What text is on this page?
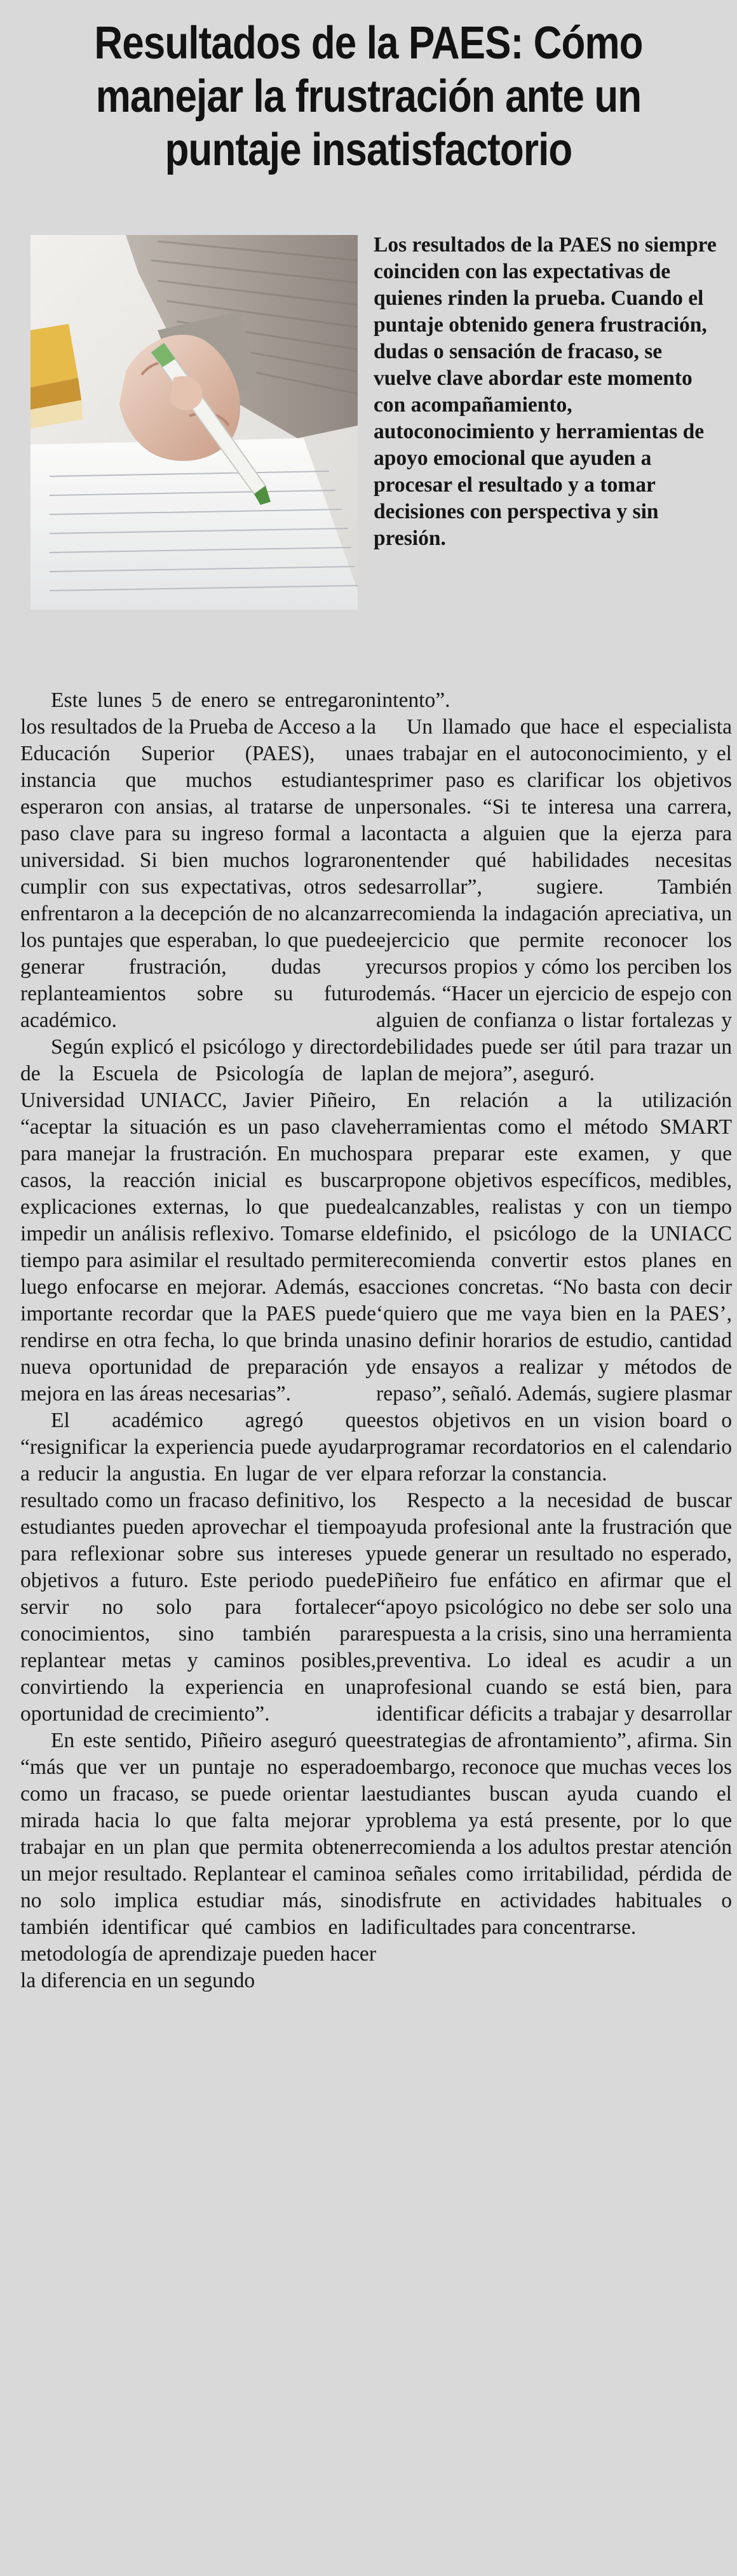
Resultados de la PAES: Cómo manejar la frustración ante un puntaje insatisfactorio

Los resultados de la PAES no siempre coinciden con las expectativas de quienes rinden la prueba. Cuando el puntaje obtenido genera frustración, dudas o sensación de fracaso, se vuelve clave abordar este momento con acompañamiento, autoconocimiento y herramientas de apoyo emocional que ayuden a procesar el resultado y a tomar decisiones con perspectiva y sin presión.

Este lunes 5 de enero se entregaron los resultados de la Prueba de Acceso a la Educación Superior (PAES), una instancia que muchos estudiantes esperaron con ansias, al tratarse de un paso clave para su ingreso formal a la universidad. Si bien muchos lograron cumplir con sus expectativas, otros se enfrentaron a la decepción de no alcanzar los puntajes que esperaban, lo que puede generar frustración, dudas y replanteamientos sobre su futuro académico.

Según explicó el psicólogo y director de la Escuela de Psicología de la Universidad UNIACC, Javier Piñeiro, “aceptar la situación es un paso clave para manejar la frustración. En muchos casos, la reacción inicial es buscar explicaciones externas, lo que puede impedir un análisis reflexivo. Tomarse el tiempo para asimilar el resultado permite luego enfocarse en mejorar. Además, es importante recordar que la PAES puede rendirse en otra fecha, lo que brinda una nueva oportunidad de preparación y mejora en las áreas necesarias”.

El académico agregó que “resignificar la experiencia puede ayudar a reducir la angustia. En lugar de ver el resultado como un fracaso definitivo, los estudiantes pueden aprovechar el tiempo para reflexionar sobre sus intereses y objetivos a futuro. Este periodo puede servir no solo para fortalecer conocimientos, sino también para replantear metas y caminos posibles, convirtiendo la experiencia en una oportunidad de crecimiento”.

En este sentido, Piñeiro aseguró que “más que ver un puntaje no esperado como un fracaso, se puede orientar la mirada hacia lo que falta mejorar y trabajar en un plan que permita obtener un mejor resultado. Replantear el camino no solo implica estudiar más, sino también identificar qué cambios en la metodología de aprendizaje pueden hacer la diferencia en un segundo

intento”.

Un llamado que hace el especialista es trabajar en el autoconocimiento, y el primer paso es clarificar los objetivos personales. “Si te interesa una carrera, contacta a alguien que la ejerza para entender qué habilidades necesitas desarrollar”, sugiere. También recomienda la indagación apreciativa, un ejercicio que permite reconocer los recursos propios y cómo los perciben los demás. “Hacer un ejercicio de espejo con alguien de confianza o listar fortalezas y debilidades puede ser útil para trazar un plan de mejora”, aseguró.

En relación a la utilización herramientas como el método SMART para preparar este examen, y que propone objetivos específicos, medibles, alcanzables, realistas y con un tiempo definido, el psicólogo de la UNIACC recomienda convertir estos planes en acciones concretas. “No basta con decir ‘quiero que me vaya bien en la PAES’, sino definir horarios de estudio, cantidad de ensayos a realizar y métodos de repaso”, señaló. Además, sugiere plasmar estos objetivos en un vision board o programar recordatorios en el calendario para reforzar la constancia.

Respecto a la necesidad de buscar ayuda profesional ante la frustración que puede generar un resultado no esperado, Piñeiro fue enfático en afirmar que el “apoyo psicológico no debe ser solo una respuesta a la crisis, sino una herramienta preventiva. Lo ideal es acudir a un profesional cuando se está bien, para identificar déficits a trabajar y desarrollar estrategias de afrontamiento”, afirma. Sin embargo, reconoce que muchas veces los estudiantes buscan ayuda cuando el problema ya está presente, por lo que recomienda a los adultos prestar atención a señales como irritabilidad, pérdida de disfrute en actividades habituales o dificultades para concentrarse.
